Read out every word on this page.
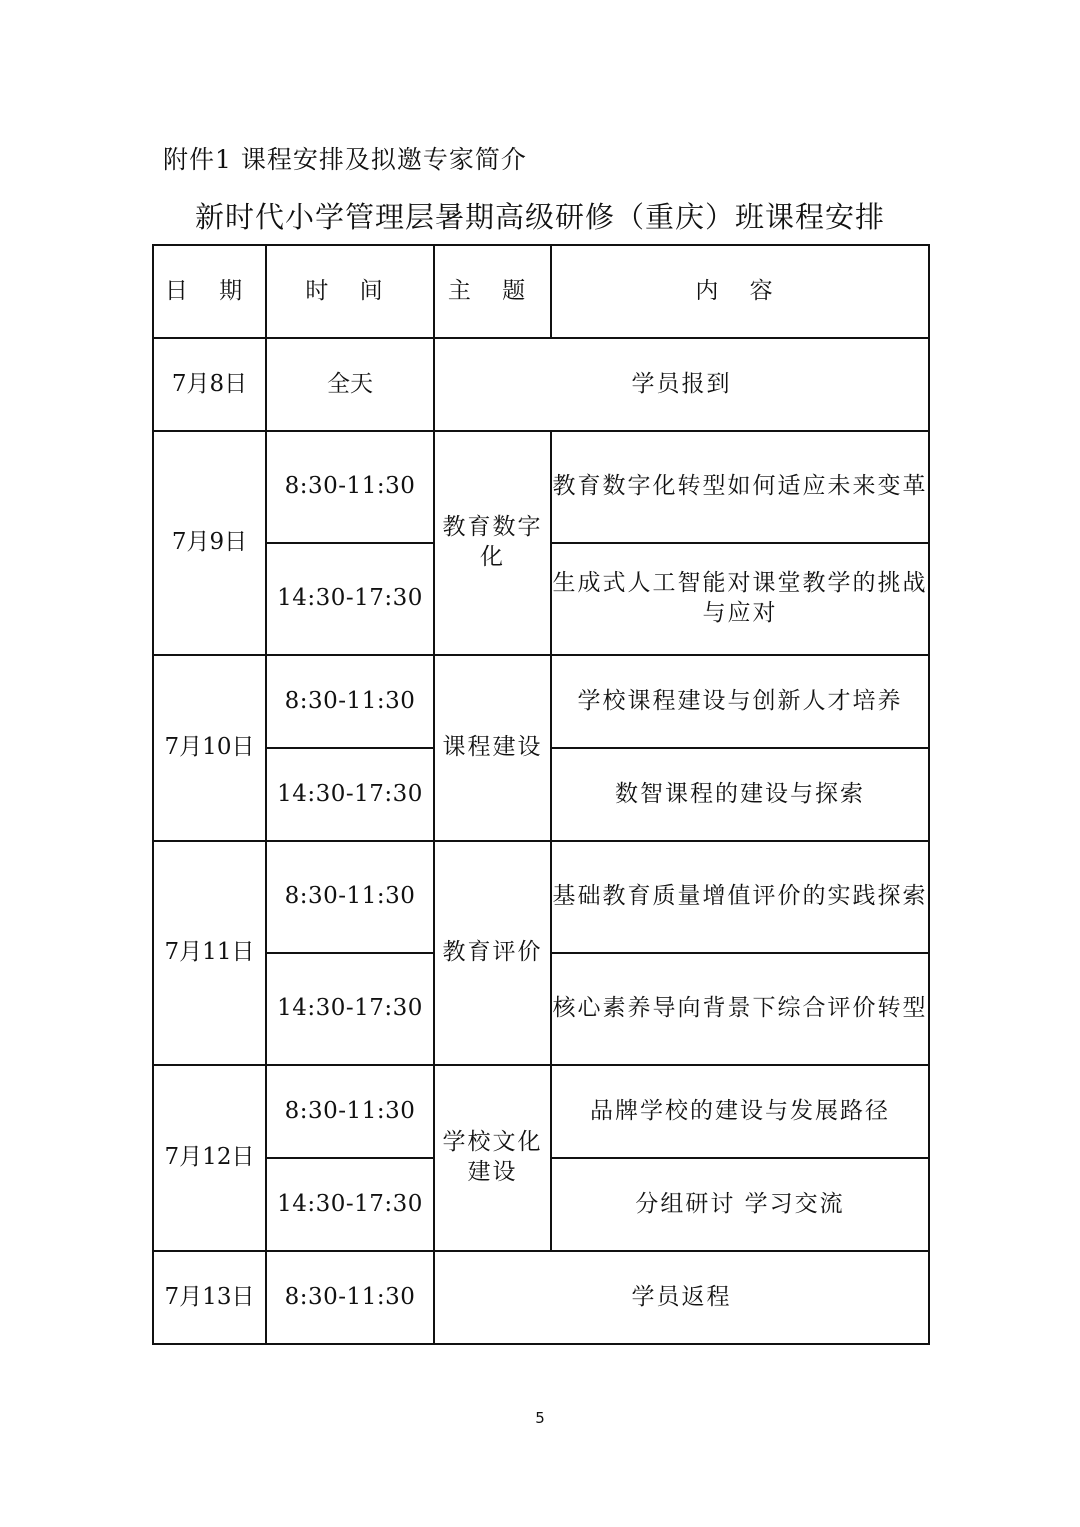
附件1 课程安排及拟邀专家简介
新时代小学管理层暑期高级研修（重庆）班课程安排
日 期	时 间	主 题	内 容
7月8日	全天	学员报到	
7月9日	8:30-11:30	教育数字化	教育数字化转型如何适应未来变革
	14:30-17:30		生成式人工智能对课堂教学的挑战与应对
7月10日	8:30-11:30	课程建设	学校课程建设与创新人才培养
	14:30-17:30		数智课程的建设与探索
7月11日	8:30-11:30	教育评价	基础教育质量增值评价的实践探索
	14:30-17:30		核心素养导向背景下综合评价转型
7月12日	8:30-11:30	学校文化建设	品牌学校的建设与发展路径
	14:30-17:30		分组研讨 学习交流
7月13日	8:30-11:30	学员返程	
5
